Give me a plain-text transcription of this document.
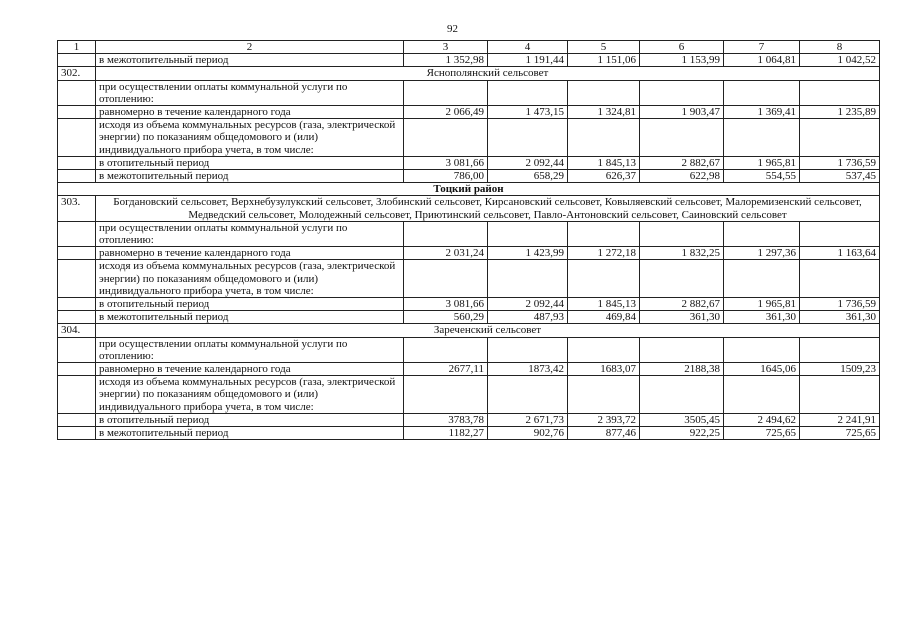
92
1	2	3	4	5	6	7	8
	в межотопительный период	1 352,98	1 191,44	1 151,06	1 153,99	1 064,81	1 042,52
302.	Яснополянский сельсовет						
	при осуществлении оплаты коммунальной услуги по отоплению:						
	равномерно в течение календарного года	2 066,49	1 473,15	1 324,81	1 903,47	1 369,41	1 235,89
	исходя из объема коммунальных ресурсов (газа, электрической энергии) по показаниям общедомового и (или) индивидуального прибора учета, в том числе:						
	в отопительный период	3 081,66	2 092,44	1 845,13	2 882,67	1 965,81	1 736,59
	в межотопительный период	786,00	658,29	626,37	622,98	554,55	537,45
Тоцкий район							
303.	Богдановский сельсовет, Верхнебузулукский сельсовет, Злобинский сельсовет, Кирсановский сельсовет, Ковыляевский сельсовет, Малоремизенский сельсовет, Медведский сельсовет, Молодежный сельсовет, Приютинский сельсовет, Павло-Антоновский сельсовет, Саиновский сельсовет						
	при осуществлении оплаты коммунальной услуги по отоплению:						
	равномерно в течение календарного года	2 031,24	1 423,99	1 272,18	1 832,25	1 297,36	1 163,64
	исходя из объема коммунальных ресурсов (газа, электрической энергии) по показаниям общедомового и (или) индивидуального прибора учета, в том числе:						
	в отопительный период	3 081,66	2 092,44	1 845,13	2 882,67	1 965,81	1 736,59
	в межотопительный период	560,29	487,93	469,84	361,30	361,30	361,30
304.	Зареченский сельсовет						
	при осуществлении оплаты коммунальной услуги по отоплению:						
	равномерно в течение календарного года	2677,11	1873,42	1683,07	2188,38	1645,06	1509,23
	исходя из объема коммунальных ресурсов (газа, электрической энергии) по показаниям общедомового и (или) индивидуального прибора учета, в том числе:						
	в отопительный период	3783,78	2 671,73	2 393,72	3505,45	2 494,62	2 241,91
	в межотопительный период	1182,27	902,76	877,46	922,25	725,65	725,65
